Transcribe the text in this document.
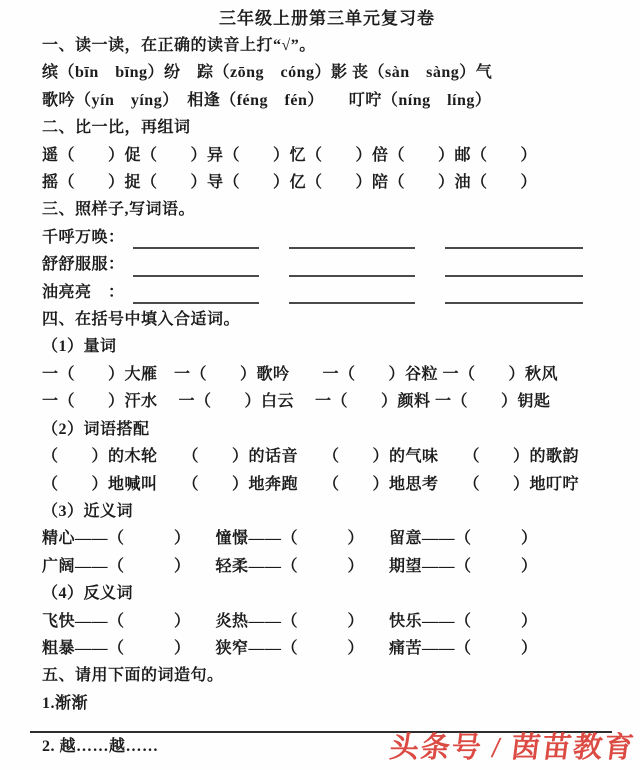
三年级上册第三单元复习卷
一、读一读，在正确的读音上打“√”。
缤（bīn　bīng）纷　踪（zōng　cóng）影 丧（sàn　sàng）气
歌吟（yín　yíng）　相逢（féng　fén）　　叮咛（níng　líng）
二、比一比，再组词
遥（　　）促（　　）异（　　）忆（　　）倍（　　）邮（　　）
摇（　　）捉（　　）导（　　）亿（　　）陪（　　）油（　　）
三、照样子,写词语。
千呼万唤：
舒舒服服：
油亮亮　：
四、在括号中填入合适词。
（1）量词
一（　　）大雁　一（　　）歌吟　　一（　　）谷粒 一（　　）秋风
一（　　）汗水　 一（　　）白云　 一（　　）颜料 一（　　）钥匙
（2）词语搭配
（　　）的木轮　　（　　）的话音　　（　　）的气味　　（　　）的歌韵
（　　）地喊叫　　（　　）地奔跑　　（　　）地思考　　（　　）地叮咛
（3）近义词
精心——（　　　）　　憧憬——（　　　）　　留意——（　　　）
广阔——（　　　）　　轻柔——（　　　）　　期望——（　　　）
（4）反义词
飞快——（　　　）　　炎热——（　　　）　　快乐——（　　　）
粗暴——（　　　）　　狭窄——（　　　）　　痛苦——（　　　）
五、请用下面的词造句。
1.渐渐
2. 越……越……	头条号 / 茵苗教育
